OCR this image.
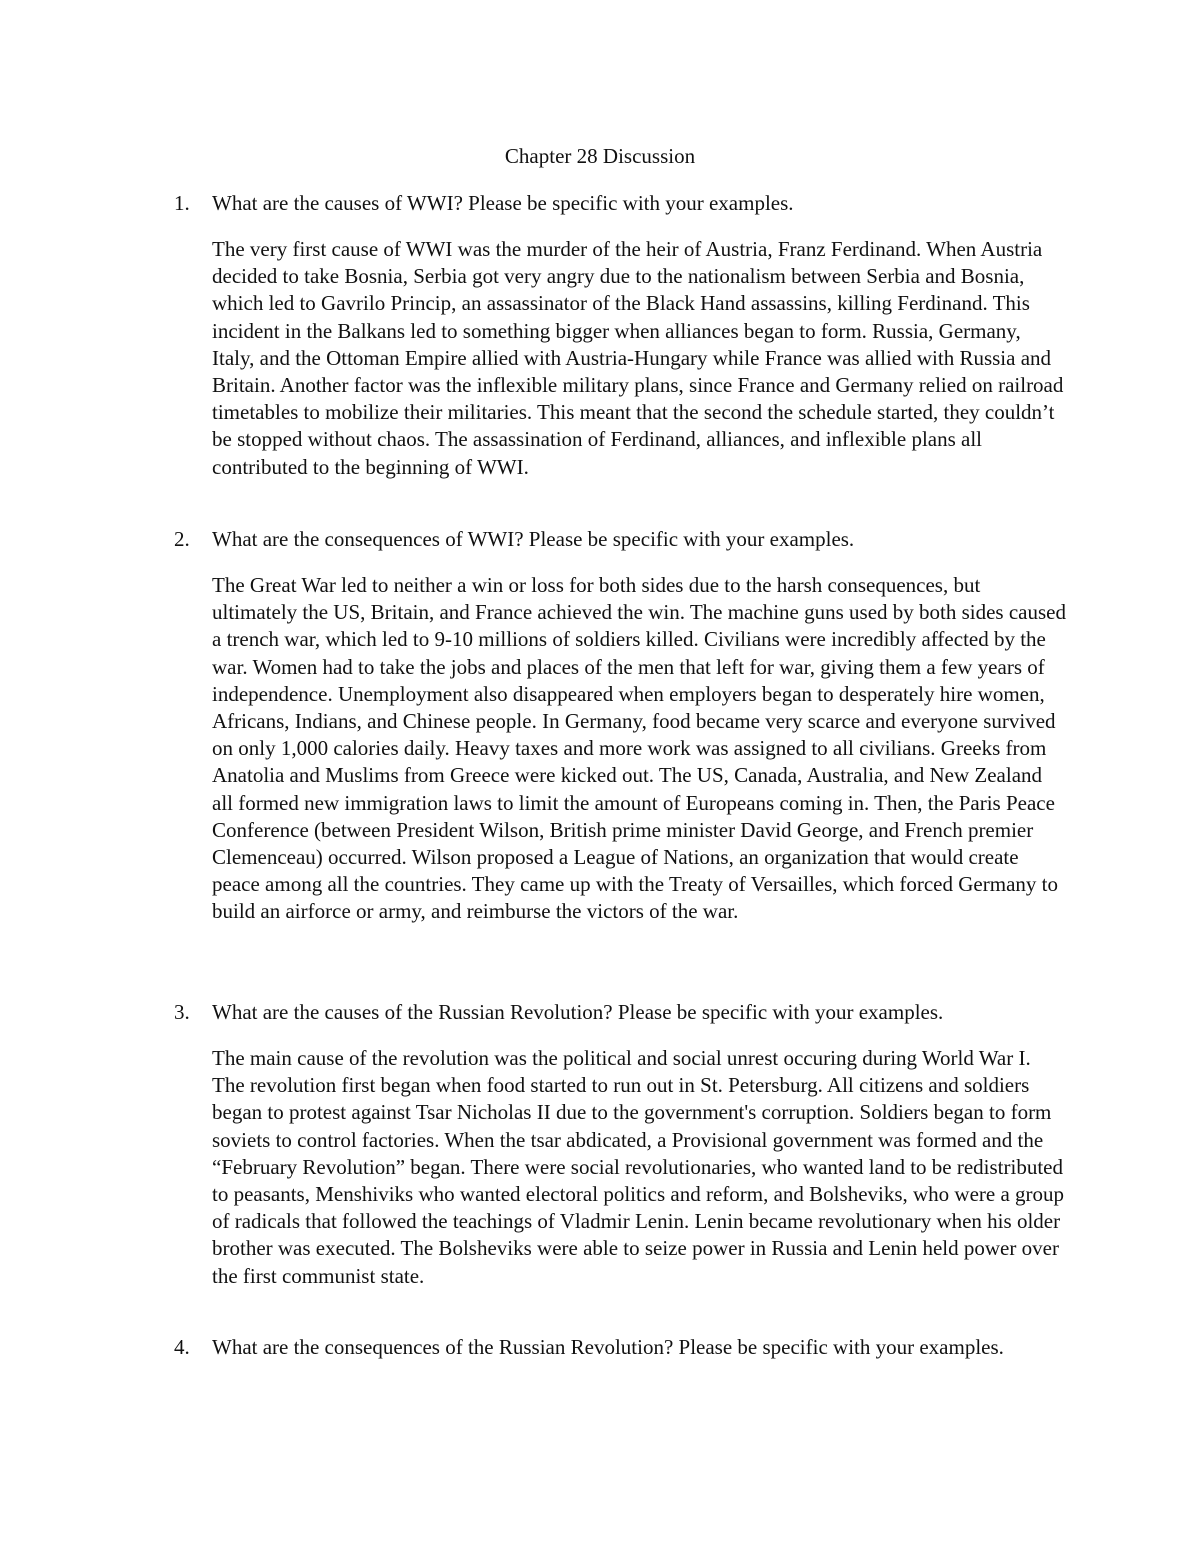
Chapter 28 Discussion
1. What are the causes of WWI? Please be specific with your examples.
The very first cause of WWI was the murder of the heir of Austria, Franz Ferdinand. When Austria decided to take Bosnia, Serbia got very angry due to the nationalism between Serbia and Bosnia, which led to Gavrilo Princip, an assassinator of the Black Hand assassins, killing Ferdinand. This incident in the Balkans led to something bigger when alliances began to form. Russia, Germany, Italy, and the Ottoman Empire allied with Austria-Hungary while France was allied with Russia and Britain. Another factor was the inflexible military plans, since France and Germany relied on railroad timetables to mobilize their militaries. This meant that the second the schedule started, they couldn’t be stopped without chaos. The assassination of Ferdinand, alliances, and inflexible plans all contributed to the beginning of WWI.
2. What are the consequences of WWI? Please be specific with your examples.
The Great War led to neither a win or loss for both sides due to the harsh consequences, but ultimately the US, Britain, and France achieved the win. The machine guns used by both sides caused a trench war, which led to 9-10 millions of soldiers killed. Civilians were incredibly affected by the war. Women had to take the jobs and places of the men that left for war, giving them a few years of independence. Unemployment also disappeared when employers began to desperately hire women, Africans, Indians, and Chinese people. In Germany, food became very scarce and everyone survived on only 1,000 calories daily. Heavy taxes and more work was assigned to all civilians. Greeks from Anatolia and Muslims from Greece were kicked out. The US, Canada, Australia, and New Zealand all formed new immigration laws to limit the amount of Europeans coming in. Then, the Paris Peace Conference (between President Wilson, British prime minister David George, and French premier Clemenceau) occurred. Wilson proposed a League of Nations, an organization that would create peace among all the countries. They came up with the Treaty of Versailles, which forced Germany to build an airforce or army, and reimburse the victors of the war.
3. What are the causes of the Russian Revolution? Please be specific with your examples.
The main cause of the revolution was the political and social unrest occuring during World War I. The revolution first began when food started to run out in St. Petersburg. All citizens and soldiers began to protest against Tsar Nicholas II due to the government's corruption. Soldiers began to form soviets to control factories. When the tsar abdicated, a Provisional government was formed and the “February Revolution” began. There were social revolutionaries, who wanted land to be redistributed to peasants, Menshiviks who wanted electoral politics and reform, and Bolsheviks, who were a group of radicals that followed the teachings of Vladmir Lenin. Lenin became revolutionary when his older brother was executed. The Bolsheviks were able to seize power in Russia and Lenin held power over the first communist state.
4. What are the consequences of the Russian Revolution? Please be specific with your examples.
